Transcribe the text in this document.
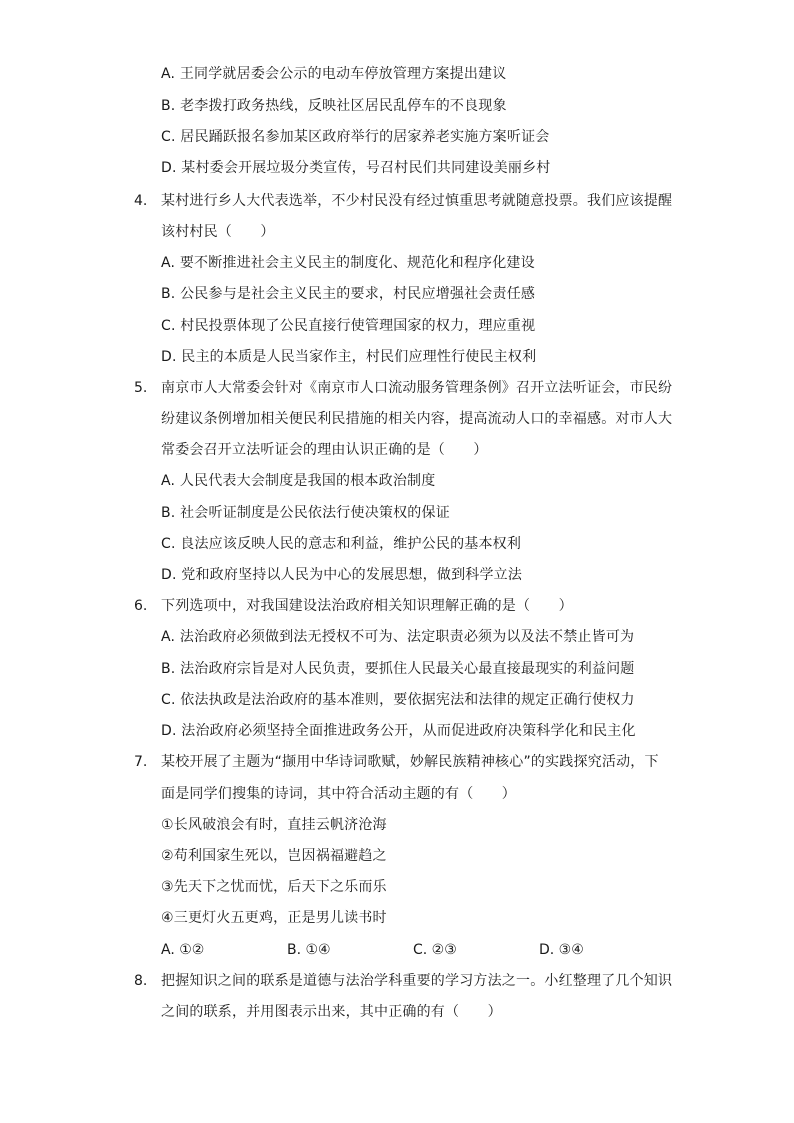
A. 王同学就居委会公示的电动车停放管理方案提出建议
B. 老李拨打政务热线，反映社区居民乱停车的不良现象
C. 居民踊跃报名参加某区政府举行的居家养老实施方案听证会
D. 某村委会开展垃圾分类宣传，号召村民们共同建设美丽乡村
4. 某村进行乡人大代表选举，不少村民没有经过慎重思考就随意投票。我们应该提醒
该村村民（　　）
A. 要不断推进社会主义民主的制度化、规范化和程序化建设
B. 公民参与是社会主义民主的要求，村民应增强社会责任感
C. 村民投票体现了公民直接行使管理国家的权力，理应重视
D. 民主的本质是人民当家作主，村民们应理性行使民主权利
5. 南京市人大常委会针对《南京市人口流动服务管理条例》召开立法听证会，市民纷
纷建议条例增加相关便民利民措施的相关内容，提高流动人口的幸福感。对市人大
常委会召开立法听证会的理由认识正确的是（　　）
A. 人民代表大会制度是我国的根本政治制度
B. 社会听证制度是公民依法行使决策权的保证
C. 良法应该反映人民的意志和利益，维护公民的基本权利
D. 党和政府坚持以人民为中心的发展思想，做到科学立法
6. 下列选项中，对我国建设法治政府相关知识理解正确的是（　　）
A. 法治政府必须做到法无授权不可为、法定职责必须为以及法不禁止皆可为
B. 法治政府宗旨是对人民负责，要抓住人民最关心最直接最现实的利益问题
C. 依法执政是法治政府的基本准则，要依据宪法和法律的规定正确行使权力
D. 法治政府必须坚持全面推进政务公开，从而促进政府决策科学化和民主化
7. 某校开展了主题为“撷用中华诗词歌赋，妙解民族精神核心”的实践探究活动，下
面是同学们搜集的诗词，其中符合活动主题的有（　　）
①长风破浪会有时，直挂云帆济沧海
②苟利国家生死以，岂因祸福避趋之
③先天下之忧而忧，后天下之乐而乐
④三更灯火五更鸡，正是男儿读书时
A. ①②	B. ①④	C. ②③	D. ③④
8. 把握知识之间的联系是道德与法治学科重要的学习方法之一。小红整理了几个知识
之间的联系，并用图表示出来，其中正确的有（　　）
